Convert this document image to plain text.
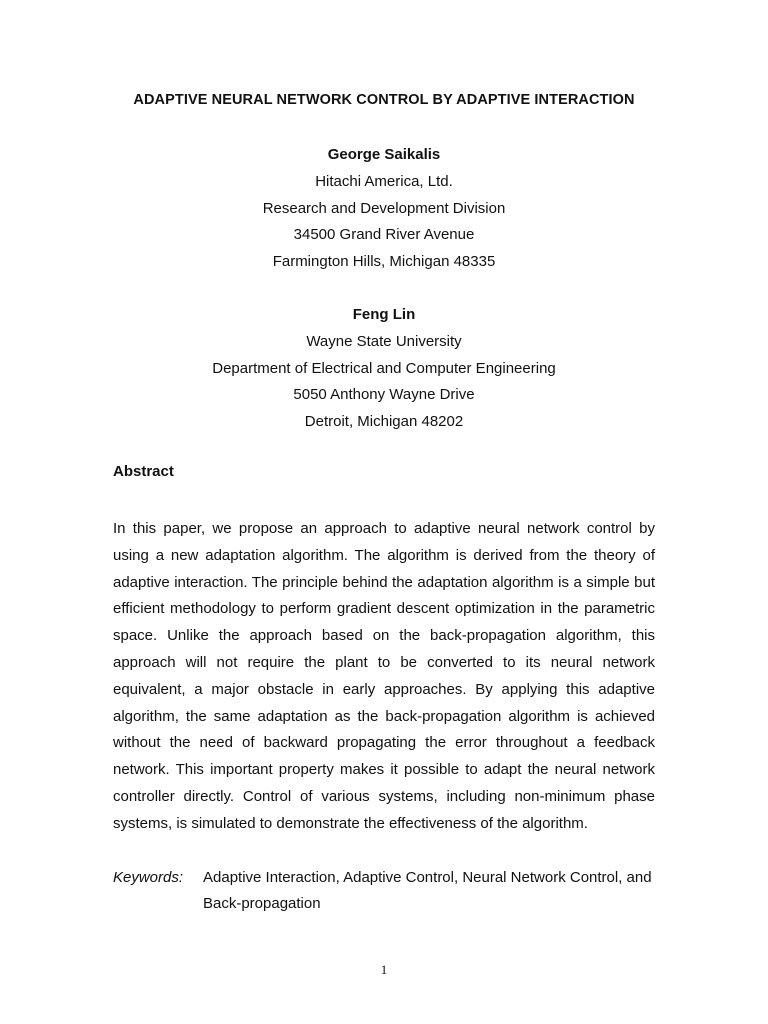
ADAPTIVE NEURAL NETWORK CONTROL BY ADAPTIVE INTERACTION
George Saikalis
Hitachi America, Ltd.
Research and Development Division
34500 Grand River Avenue
Farmington Hills, Michigan 48335
Feng Lin
Wayne State University
Department of Electrical and Computer Engineering
5050 Anthony Wayne Drive
Detroit, Michigan 48202
Abstract
In this paper, we propose an approach to adaptive neural network control by using a new adaptation algorithm. The algorithm is derived from the theory of adaptive interaction. The principle behind the adaptation algorithm is a simple but efficient methodology to perform gradient descent optimization in the parametric space. Unlike the approach based on the back-propagation algorithm, this approach will not require the plant to be converted to its neural network equivalent, a major obstacle in early approaches. By applying this adaptive algorithm, the same adaptation as the back-propagation algorithm is achieved without the need of backward propagating the error throughout a feedback network. This important property makes it possible to adapt the neural network controller directly. Control of various systems, including non-minimum phase systems, is simulated to demonstrate the effectiveness of the algorithm.
Keywords: Adaptive Interaction, Adaptive Control, Neural Network Control, and Back-propagation
1
